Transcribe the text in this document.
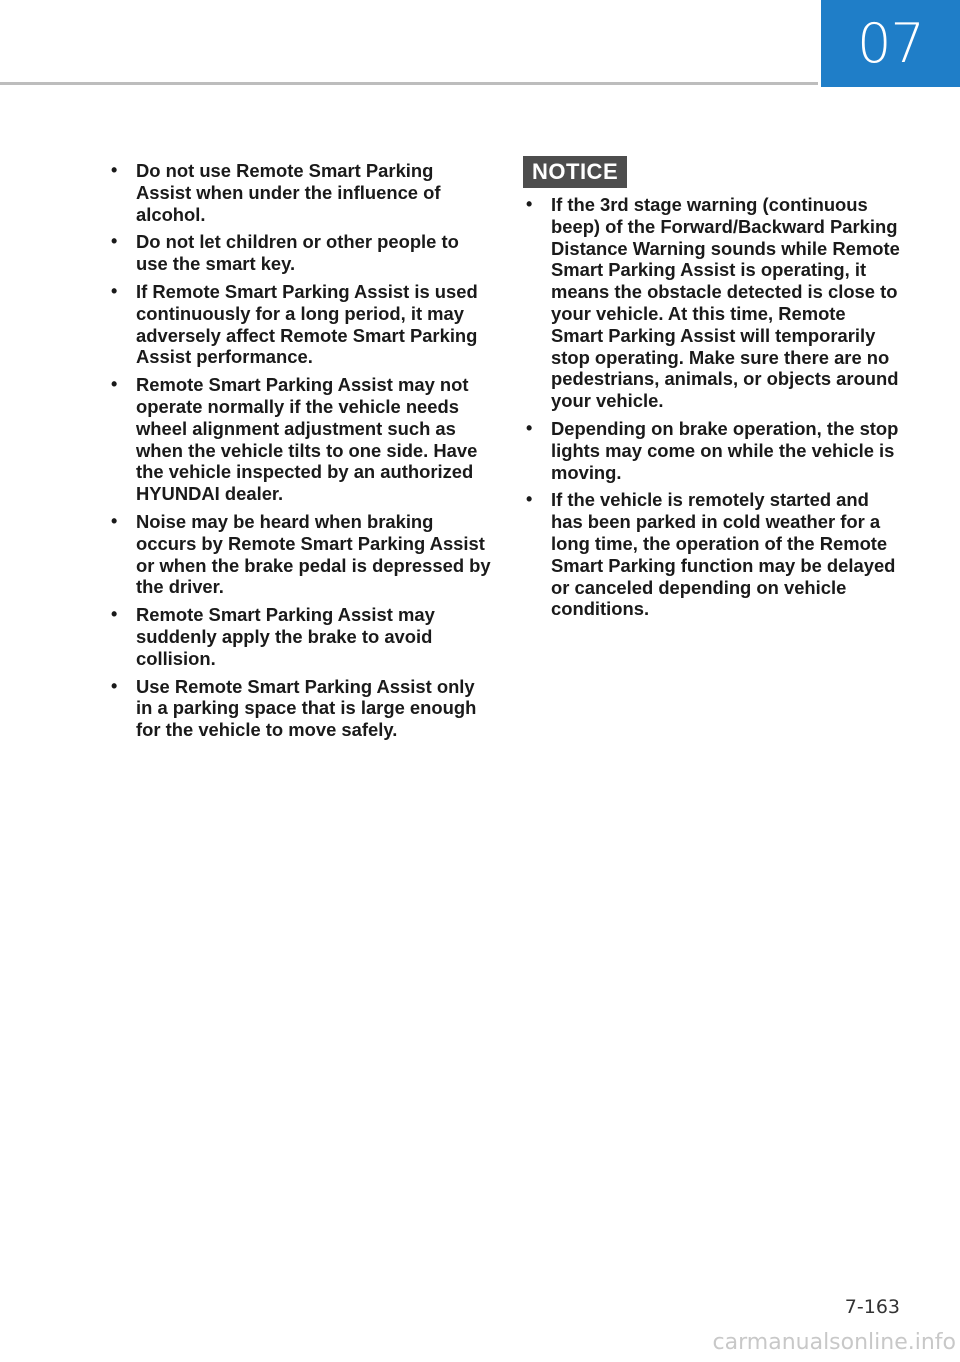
07
• Do not use Remote Smart Parking Assist when under the influence of alcohol.
• Do not let children or other people to use the smart key.
• If Remote Smart Parking Assist is used continuously for a long period, it may adversely affect Remote Smart Parking Assist performance.
• Remote Smart Parking Assist may not operate normally if the vehicle needs wheel alignment adjustment such as when the vehicle tilts to one side. Have the vehicle inspected by an authorized HYUNDAI dealer.
• Noise may be heard when braking occurs by Remote Smart Parking Assist or when the brake pedal is depressed by the driver.
• Remote Smart Parking Assist may suddenly apply the brake to avoid collision.
• Use Remote Smart Parking Assist only in a parking space that is large enough for the vehicle to move safely.
NOTICE
• If the 3rd stage warning (continuous beep) of the Forward/Backward Parking Distance Warning sounds while Remote Smart Parking Assist is operating, it means the obstacle detected is close to your vehicle. At this time, Remote Smart Parking Assist will temporarily stop operating. Make sure there are no pedestrians, animals, or objects around your vehicle.
• Depending on brake operation, the stop lights may come on while the vehicle is moving.
• If the vehicle is remotely started and has been parked in cold weather for a long time, the operation of the Remote Smart Parking function may be delayed or canceled depending on vehicle conditions.
7-163
carmanualsonline.info
